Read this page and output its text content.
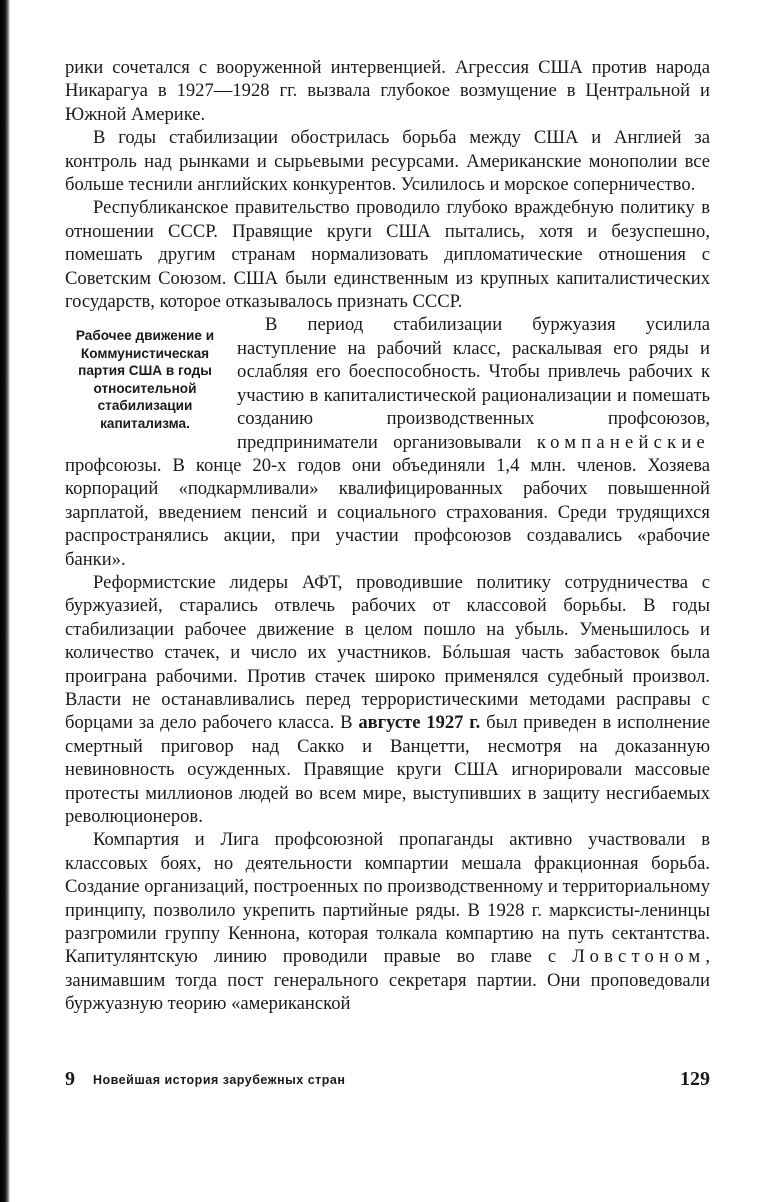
рики сочетался с вооруженной интервенцией. Агрессия США против народа Никарагуа в 1927—1928 гг. вызвала глубокое возмущение в Центральной и Южной Америке.

В годы стабилизации обострилась борьба между США и Англией за контроль над рынками и сырьевыми ресурсами. Американские монополии все больше теснили английских конкурентов. Усилилось и морское соперничество.

Республиканское правительство проводило глубоко враждебную политику в отношении СССР. Правящие круги США пытались, хотя и безуспешно, помешать другим странам нормализовать дипломатические отношения с Советским Союзом. США были единственным из крупных капиталистических государств, которое отказывалось признать СССР.

Рабочее движение и Коммунистическая партия США в годы относительной стабилизации капитализма.

В период стабилизации буржуазия усилила наступление на рабочий класс, раскалывая его ряды и ослабляя его боеспособность. Чтобы привлечь рабочих к участию в капиталистической рационализации и помешать созданию производственных профсоюзов, предприниматели организовывали компанейские профсоюзы. В конце 20-х годов они объединяли 1,4 млн. членов. Хозяева корпораций «подкармливали» квалифицированных рабочих повышенной зарплатой, введением пенсий и социального страхования. Среди трудящихся распространялись акции, при участии профсоюзов создавались «рабочие банки».

Реформистские лидеры АФТ, проводившие политику сотрудничества с буржуазией, старались отвлечь рабочих от классовой борьбы. В годы стабилизации рабочее движение в целом пошло на убыль. Уменьшилось и количество стачек, и число их участников. Бóльшая часть забастовок была проиграна рабочими. Против стачек широко применялся судебный произвол. Власти не останавливались перед террористическими методами расправы с борцами за дело рабочего класса. В августе 1927 г. был приведен в исполнение смертный приговор над Сакко и Ванцетти, несмотря на доказанную невиновность осужденных. Правящие круги США игнорировали массовые протесты миллионов людей во всем мире, выступивших в защиту несгибаемых революционеров.

Компартия и Лига профсоюзной пропаганды активно участвовали в классовых боях, но деятельности компартии мешала фракционная борьба. Создание организаций, построенных по производственному и территориальному принципу, позволило укрепить партийные ряды. В 1928 г. марксисты-ленинцы разгромили группу Кеннона, которая толкала компартию на путь сектантства. Капитулянтскую линию проводили правые во главе с Ловстоном, занимавшим тогда пост генерального секретаря партии. Они проповедовали буржуазную теорию «американской

9 Новейшая история зарубежных стран	129
